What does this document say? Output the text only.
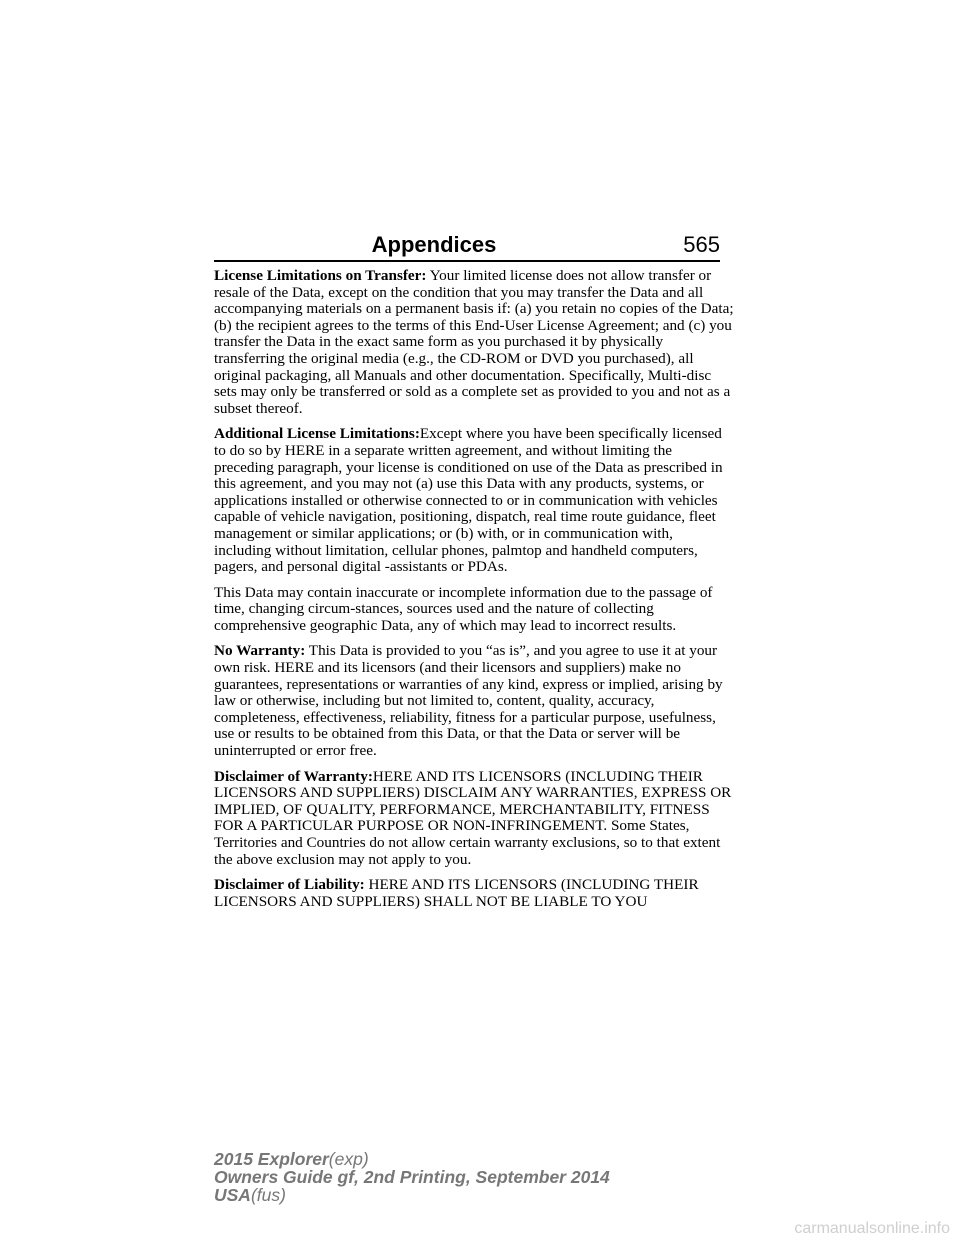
Appendices	565

License Limitations on Transfer: Your limited license does not allow transfer or resale of the Data, except on the condition that you may transfer the Data and all accompanying materials on a permanent basis if: (a) you retain no copies of the Data; (b) the recipient agrees to the terms of this End-User License Agreement; and (c) you transfer the Data in the exact same form as you purchased it by physically transferring the original media (e.g., the CD-ROM or DVD you purchased), all original packaging, all Manuals and other documentation. Specifically, Multi-disc sets may only be transferred or sold as a complete set as provided to you and not as a subset thereof.

Additional License Limitations:Except where you have been specifically licensed to do so by HERE in a separate written agreement, and without limiting the preceding paragraph, your license is conditioned on use of the Data as prescribed in this agreement, and you may not (a) use this Data with any products, systems, or applications installed or otherwise connected to or in communication with vehicles capable of vehicle navigation, positioning, dispatch, real time route guidance, fleet management or similar applications; or (b) with, or in communication with, including without limitation, cellular phones, palmtop and handheld computers, pagers, and personal digital -assistants or PDAs.

This Data may contain inaccurate or incomplete information due to the passage of time, changing circum-stances, sources used and the nature of collecting comprehensive geographic Data, any of which may lead to incorrect results.

No Warranty: This Data is provided to you “as is”, and you agree to use it at your own risk. HERE and its licensors (and their licensors and suppliers) make no guarantees, representations or warranties of any kind, express or implied, arising by law or otherwise, including but not limited to, content, quality, accuracy, completeness, effectiveness, reliability, fitness for a particular purpose, usefulness, use or results to be obtained from this Data, or that the Data or server will be uninterrupted or error free.

Disclaimer of Warranty:HERE AND ITS LICENSORS (INCLUDING THEIR LICENSORS AND SUPPLIERS) DISCLAIM ANY WARRANTIES, EXPRESS OR IMPLIED, OF QUALITY, PERFORMANCE, MERCHANTABILITY, FITNESS FOR A PARTICULAR PURPOSE OR NON-INFRINGEMENT. Some States, Territories and Countries do not allow certain warranty exclusions, so to that extent the above exclusion may not apply to you.

Disclaimer of Liability: HERE AND ITS LICENSORS (INCLUDING THEIR LICENSORS AND SUPPLIERS) SHALL NOT BE LIABLE TO YOU

2015 Explorer(exp)
Owners Guide gf, 2nd Printing, September 2014
USA(fus)
carmanualsonline.info
